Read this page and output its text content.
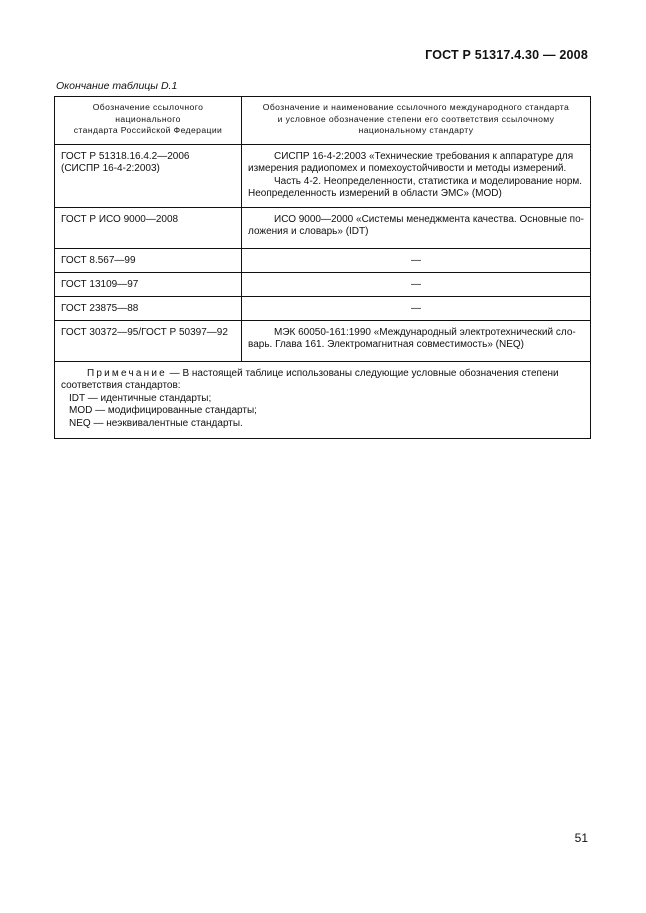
ГОСТ Р 51317.4.30 — 2008
Окончание таблицы D.1
Обозначение ссылочного национального
стандарта Российской Федерации	Обозначение и наименование ссылочного международного стандарта
и условное обозначение степени его соответствия ссылочному
национальному стандарту

ГОСТ Р 51318.16.4.2—2006
(СИСПР 16-4-2:2003)	СИСПР 16-4-2:2003 «Технические требования к аппаратуре для
измерения радиопомех и помехоустойчивости и методы измерений.
Часть 4-2. Неопределенности, статистика и моделирование норм.
Неопределенность измерений в области ЭМС» (MOD)

ГОСТ Р ИСО 9000—2008	ИСО 9000—2000 «Системы менеджмента качества. Основные по-
ложения и словарь» (IDT)

ГОСТ 8.567—99	—

ГОСТ 13109—97	—

ГОСТ 23875—88	—

ГОСТ 30372—95/ГОСТ Р 50397—92	МЭК 60050-161:1990 «Международный электротехнический сло-
варь. Глава 161. Электромагнитная совместимость» (NEQ)

Примечание — В настоящей таблице использованы следующие условные обозначения степени
соответствия стандартов:
IDT — идентичные стандарты;
MOD — модифицированные стандарты;
NEQ — неэквивалентные стандарты.	
51
